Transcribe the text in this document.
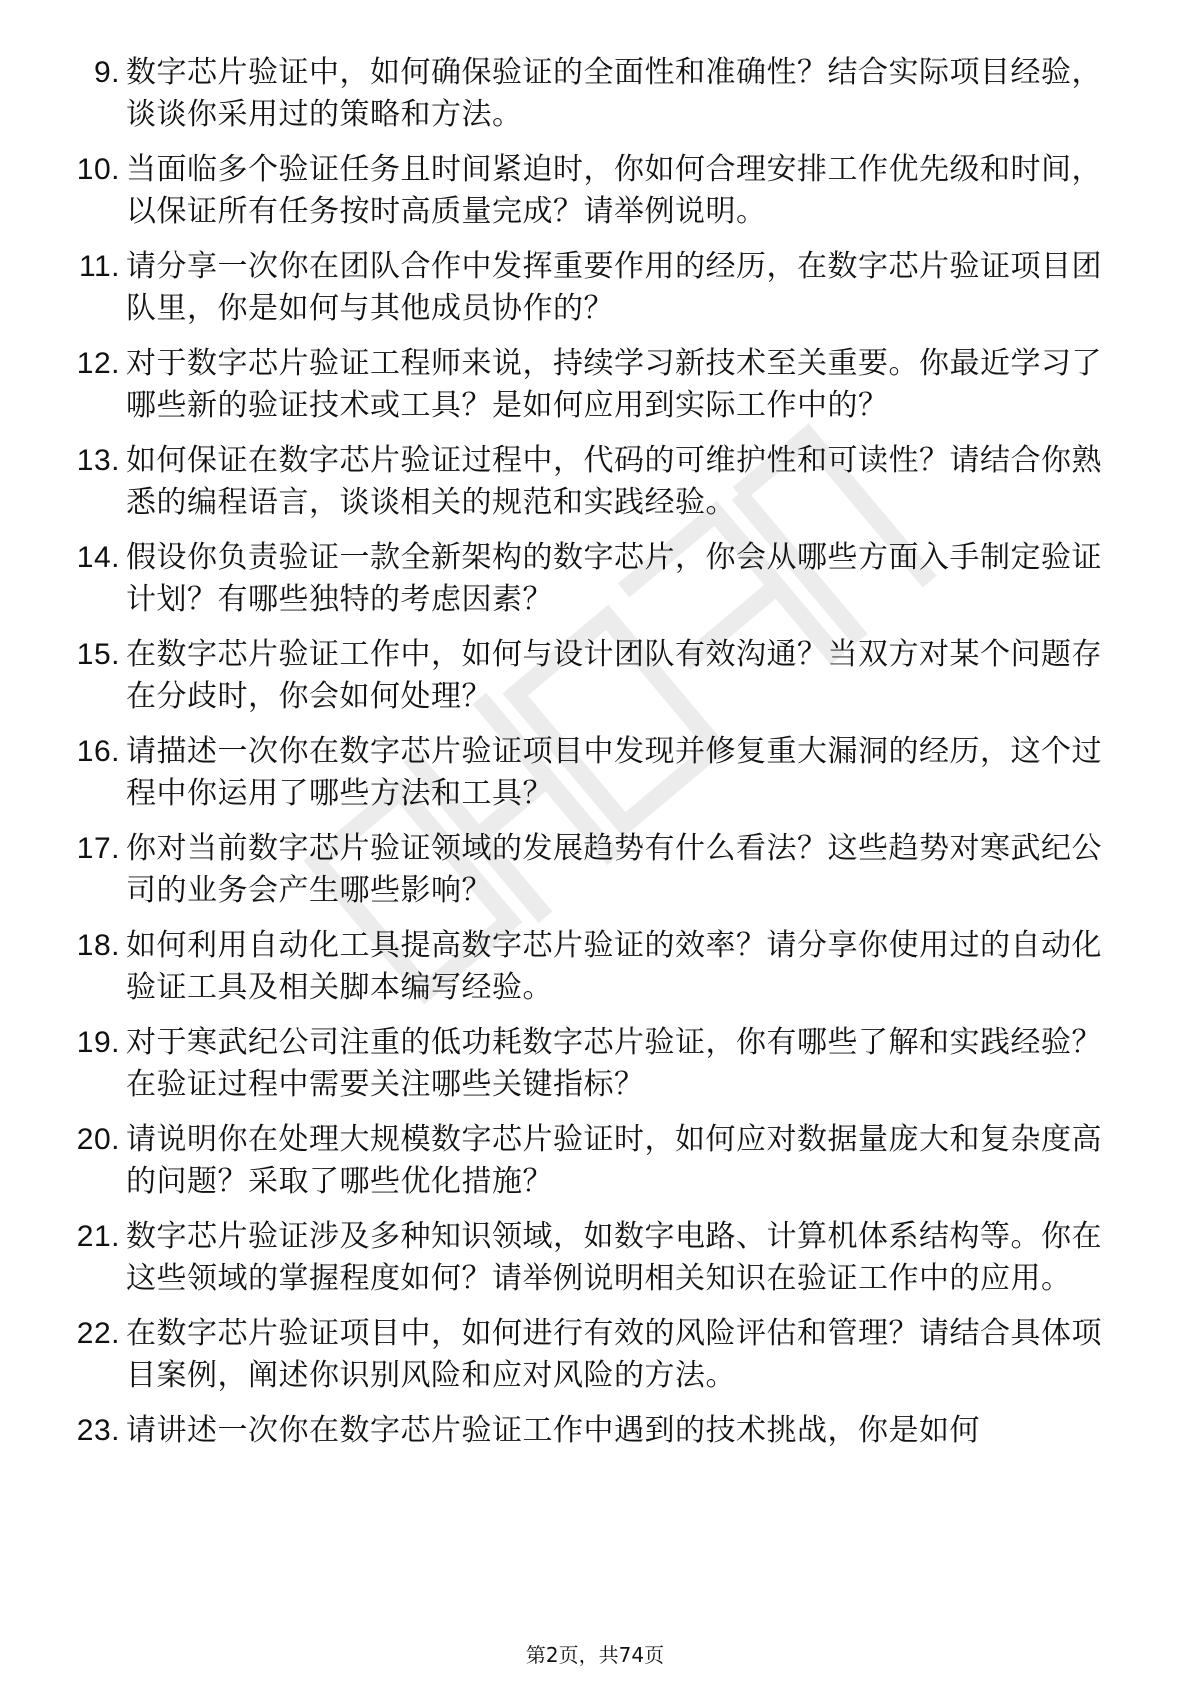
9. 数字芯片验证中，如何确保验证的全面性和准确性？结合实际项目经验，谈谈你采用过的策略和方法。
10. 当面临多个验证任务且时间紧迫时，你如何合理安排工作优先级和时间，以保证所有任务按时高质量完成？请举例说明。
11. 请分享一次你在团队合作中发挥重要作用的经历，在数字芯片验证项目团队里，你是如何与其他成员协作的？
12. 对于数字芯片验证工程师来说，持续学习新技术至关重要。你最近学习了哪些新的验证技术或工具？是如何应用到实际工作中的？
13. 如何保证在数字芯片验证过程中，代码的可维护性和可读性？请结合你熟悉的编程语言，谈谈相关的规范和实践经验。
14. 假设你负责验证一款全新架构的数字芯片，你会从哪些方面入手制定验证计划？有哪些独特的考虑因素？
15. 在数字芯片验证工作中，如何与设计团队有效沟通？当双方对某个问题存在分歧时，你会如何处理？
16. 请描述一次你在数字芯片验证项目中发现并修复重大漏洞的经历，这个过程中你运用了哪些方法和工具？
17. 你对当前数字芯片验证领域的发展趋势有什么看法？这些趋势对寒武纪公司的业务会产生哪些影响？
18. 如何利用自动化工具提高数字芯片验证的效率？请分享你使用过的自动化验证工具及相关脚本编写经验。
19. 对于寒武纪公司注重的低功耗数字芯片验证，你有哪些了解和实践经验？在验证过程中需要关注哪些关键指标？
20. 请说明你在处理大规模数字芯片验证时，如何应对数据量庞大和复杂度高的问题？采取了哪些优化措施？
21. 数字芯片验证涉及多种知识领域，如数字电路、计算机体系结构等。你在这些领域的掌握程度如何？请举例说明相关知识在验证工作中的应用。
22. 在数字芯片验证项目中，如何进行有效的风险评估和管理？请结合具体项目案例，阐述你识别风险和应对风险的方法。
23. 请讲述一次你在数字芯片验证工作中遇到的技术挑战，你是如何
第2页，共74页
